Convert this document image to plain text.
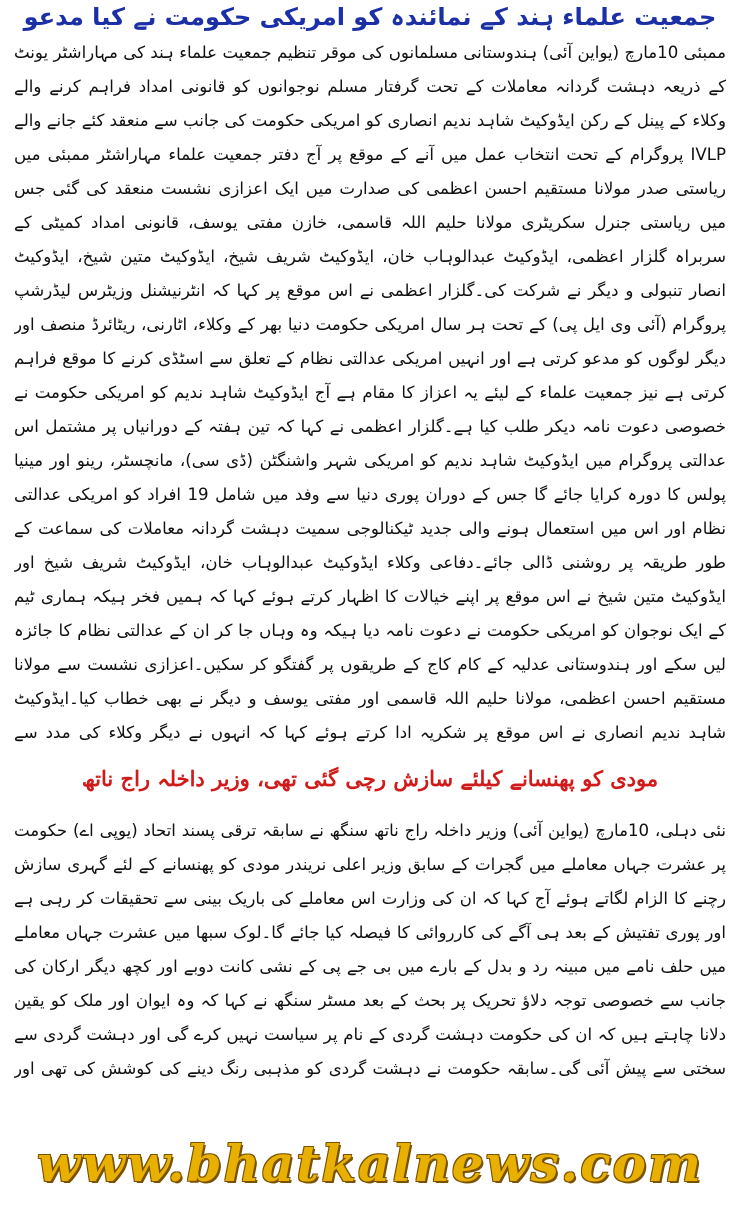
جمعیت علماء ہند کے نمائندہ کو امریکی حکومت نے کیا مدعو

ممبئی 10مارچ (یواین آئی) ہندوستانی مسلمانوں کی موقر تنظیم جمعیت علماء ہند کی مہاراشٹر یونٹ کے ذریعہ دہشت گردانہ معاملات کے تحت گرفتار مسلم نوجوانوں کو قانونی امداد فراہم کرنے والے وکلاء کے پینل کے رکن ایڈوکیٹ شاہد ندیم انصاری کو امریکی حکومت کی جانب سے منعقد کئے جانے والے IVLP پروگرام کے تحت انتخاب عمل میں آنے کے موقع پر آج دفتر جمعیت علماء مہاراشٹر ممبئی میں ریاستی صدر مولانا مستقیم احسن اعظمی کی صدارت میں ایک اعزازی نشست منعقد کی گئی جس میں ریاستی جنرل سکریٹری مولانا حلیم اللہ قاسمی، خازن مفتی یوسف، قانونی امداد کمیٹی کے سربراہ گلزار اعظمی، ایڈوکیٹ عبدالوہاب خان، ایڈوکیٹ شریف شیخ، ایڈوکیٹ متین شیخ، ایڈوکیٹ انصار تنبولی و دیگر نے شرکت کی۔گلزار اعظمی نے اس موقع پر کہا کہ انٹرنیشنل وزیٹرس لیڈرشپ پروگرام (آئی وی ایل پی) کے تحت ہر سال امریکی حکومت دنیا بھر کے وکلاء، اٹارنی، ریٹائرڈ منصف اور دیگر لوگوں کو مدعو کرتی ہے اور انہیں امریکی عدالتی نظام کے تعلق سے اسٹڈی کرنے کا موقع فراہم کرتی ہے نیز جمعیت علماء کے لیئے یہ اعزاز کا مقام ہے آج ایڈوکیٹ شاہد ندیم کو امریکی حکومت نے خصوصی دعوت نامہ دیکر طلب کیا ہے۔گلزار اعظمی نے کہا کہ تین ہفتہ کے دورانیاں پر مشتمل اس عدالتی پروگرام میں ایڈوکیٹ شاہد ندیم کو امریکی شہر واشنگٹن (ڈی سی)، مانچسٹر، رینو اور مینیا پولس کا دورہ کرایا جائے گا جس کے دوران پوری دنیا سے وفد میں شامل 19 افراد کو امریکی عدالتی نظام اور اس میں استعمال ہونے والی جدید ٹیکنالوجی سمیت دہشت گردانہ معاملات کی سماعت کے طور طریقہ پر روشنی ڈالی جائے۔دفاعی وکلاء ایڈوکیٹ عبدالوہاب خان، ایڈوکیٹ شریف شیخ اور ایڈوکیٹ متین شیخ نے اس موقع پر اپنے خیالات کا اظہار کرتے ہوئے کہا کہ ہمیں فخر ہیکہ ہماری ٹیم کے ایک نوجوان کو امریکی حکومت نے دعوت نامہ دیا ہیکہ وہ وہاں جا کر ان کے عدالتی نظام کا جائزہ لیں سکے اور ہندوستانی عدلیہ کے کام کاج کے طریقوں پر گفتگو کر سکیں۔اعزازی نشست سے مولانا مستقیم احسن اعظمی، مولانا حلیم اللہ قاسمی اور مفتی یوسف و دیگر نے بھی خطاب کیا۔ایڈوکیٹ شاہد ندیم انصاری نے اس موقع پر شکریہ ادا کرتے ہوئے کہا کہ انہوں نے دیگر وکلاء کی مدد سے

مودی کو پھنسانے کیلئے سازش رچی گئی تھی، وزیر داخلہ راج ناتھ

نئی دہلی، 10مارچ (یواین آئی) وزیر داخلہ راج ناتھ سنگھ نے سابقہ ترقی پسند اتحاد (یوپی اے) حکومت پر عشرت جہاں معاملے میں گجرات کے سابق وزیر اعلی نریندر مودی کو پھنسانے کے لئے گہری سازش رچنے کا الزام لگاتے ہوئے آج کہا کہ ان کی وزارت اس معاملے کی باریک بینی سے تحقیقات کر رہی ہے اور پوری تفتیش کے بعد ہی آگے کی کارروائی کا فیصلہ کیا جائے گا۔لوک سبھا میں عشرت جہاں معاملے میں حلف نامے میں مبینہ رد و بدل کے بارے میں بی جے پی کے نشی کانت دوبے اور کچھ دیگر ارکان کی جانب سے خصوصی توجہ دلاؤ تحریک پر بحث کے بعد مسٹر سنگھ نے کہا کہ وہ ایوان اور ملک کو یقین دلانا چاہتے ہیں کہ ان کی حکومت دہشت گردی کے نام پر سیاست نہیں کرے گی اور دہشت گردی سے سختی سے پیش آئی گی۔سابقہ حکومت نے دہشت گردی کو مذہبی رنگ دینے کی کوشش کی تھی اور

www.bhatkalnews.com
